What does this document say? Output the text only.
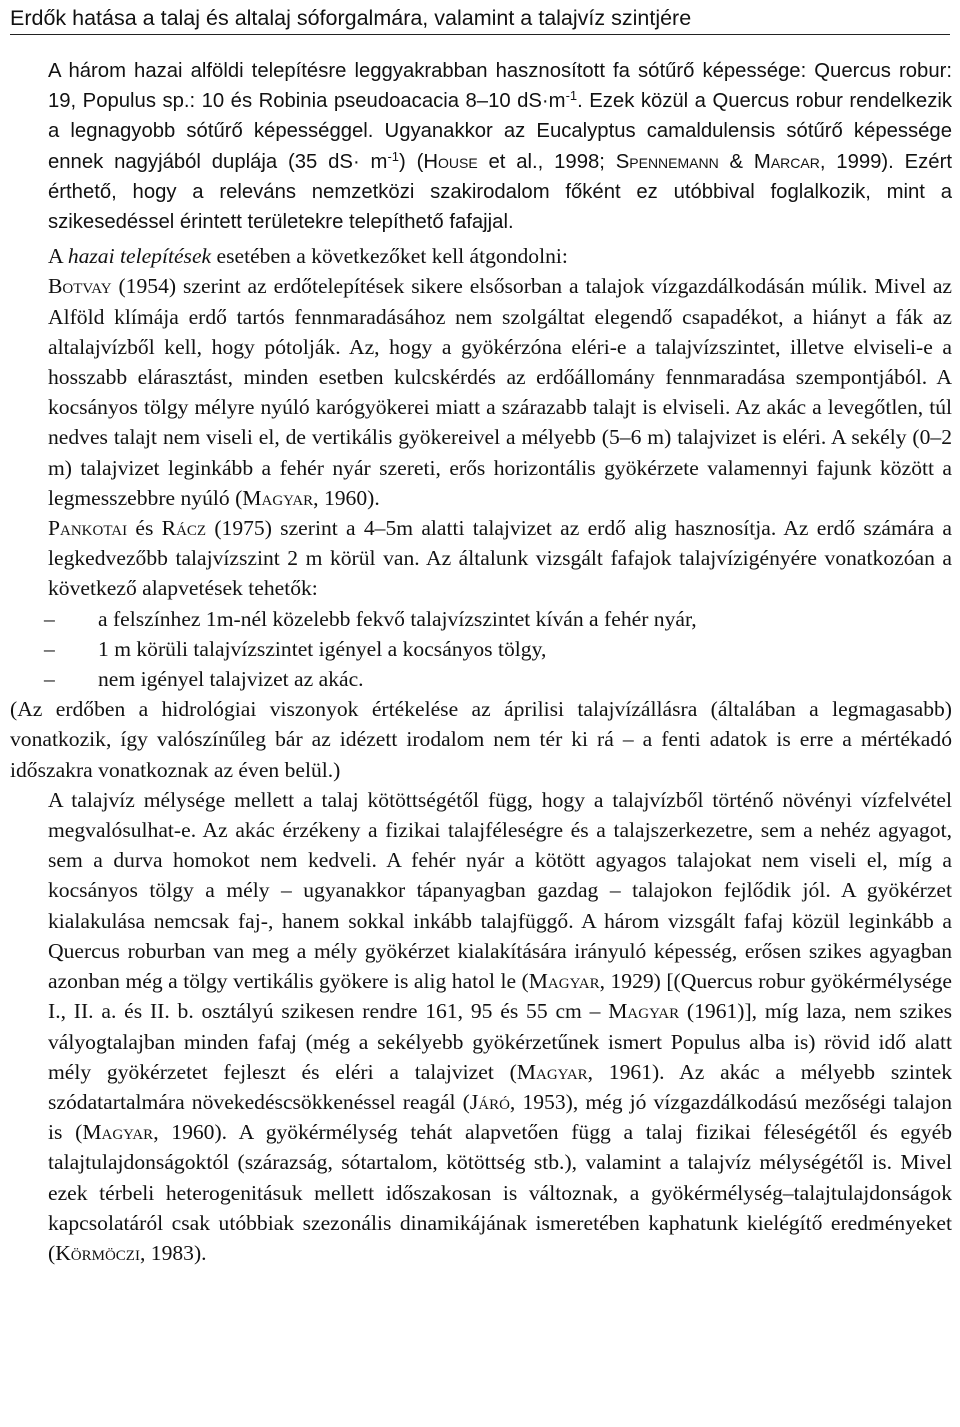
Erdők hatása a talaj és altalaj sóforgalmára, valamint a talajvíz szintjére

A három hazai alföldi telepítésre leggyakrabban hasznosított fa sótűrő képessége: Quercus robur: 19, Populus sp.: 10 és Robinia pseudoacacia 8–10 $dS\cdot m^{-1}$. Ezek közül a Quercus robur rendelkezik a legnagyobb sótűrő képességgel. Ugyanakkor az Eucalyptus camaldulensis sótűrő képessége ennek nagyjából duplája (35 $dS\cdot m^{-1}$) (House et al., 1998; Spennemann & Marcar, 1999). Ezért érthető, hogy a releváns nemzetközi szakirodalom főként ez utóbbival foglalkozik, mint a szikesedéssel érintett területekre telepíthető fafajjal.

A hazai telepítések esetében a következőket kell átgondolni:

Botvay (1954) szerint az erdőtelepítések sikere elsősorban a talajok vízgazdálkodásán múlik. Mivel az Alföld klímája erdő tartós fennmaradásához nem szolgáltat elegendő csapadékot, a hiányt a fák az altalajvízből kell, hogy pótolják. Az, hogy a gyökérzóna eléri-e a talajvízszintet, illetve elviseli-e a hosszabb elárasztást, minden esetben kulcskérdés az erdőállomány fennmaradása szempontjából. A kocsányos tölgy mélyre nyúló karógyökerei miatt a szárazabb talajt is elviseli. Az akác a levegőtlen, túl nedves talajt nem viseli el, de vertikális gyökereivel a mélyebb (5–6 m) talajvizet is eléri. A sekély (0–2 m) talajvizet leginkább a fehér nyár szereti, erős horizontális gyökérzete valamennyi fajunk között a legmesszebbre nyúló (Magyar, 1960).

Pankotai és Rácz (1975) szerint a 4–5m alatti talajvizet az erdő alig hasznosítja. Az erdő számára a legkedvezőbb talajvízszint 2 m körül van. Az általunk vizsgált fafajok talajvízigényére vonatkozóan a következő alapvetések tehetők:

– a felszínhez 1m-nél közelebb fekvő talajvízszintet kíván a fehér nyár,
– 1 m körüli talajvízszintet igényel a kocsányos tölgy,
– nem igényel talajvizet az akác.

(Az erdőben a hidrológiai viszonyok értékelése az áprilisi talajvízállásra (általában a legmagasabb) vonatkozik, így valószínűleg bár az idézett irodalom nem tér ki rá – a fenti adatok is erre a mértékadó időszakra vonatkoznak az éven belül.)

A talajvíz mélysége mellett a talaj kötöttségétől függ, hogy a talajvízből történő növényi vízfelvétel megvalósulhat-e. Az akác érzékeny a fizikai talajféleségre és a talajszerkezetre, sem a nehéz agyagot, sem a durva homokot nem kedveli. A fehér nyár a kötött agyagos talajokat nem viseli el, míg a kocsányos tölgy a mély – ugyanakkor tápanyagban gazdag – talajokon fejlődik jól. A gyökérzet kialakulása nemcsak faj-, hanem sokkal inkább talajfüggő. A három vizsgált fafaj közül leginkább a Quercus roburban van meg a mély gyökérzet kialakítására irányuló képesség, erősen szikes agyagban azonban még a tölgy vertikális gyökere is alig hatol le (Magyar, 1929) [(Quercus robur gyökérmélysége I., II. a. és II. b. osztályú szikesen rendre 161, 95 és 55 cm – Magyar (1961)], míg laza, nem szikes vályogtalajban minden fafaj (még a sekélyebb gyökérzetűnek ismert Populus alba is) rövid idő alatt mély gyökérzetet fejleszt és eléri a talajvizet (Magyar, 1961). Az akác a mélyebb szintek szódatartalmára növekedéscsökkenéssel reagál (Járó, 1953), még jó vízgazdálkodású mezőségi talajon is (Magyar, 1960). A gyökérmélység tehát alapvetően függ a talaj fizikai féleségétől és egyéb talajtulajdonságoktól (szárazság, sótartalom, kötöttség stb.), valamint a talajvíz mélységétől is. Mivel ezek térbeli heterogenitásuk mellett időszakosan is változnak, a gyökérmélység–talajtulajdonságok kapcsolatáról csak utóbbiak szezonális dinamikájának ismeretében kaphatunk kielégítő eredményeket (Körmöczi, 1983).
